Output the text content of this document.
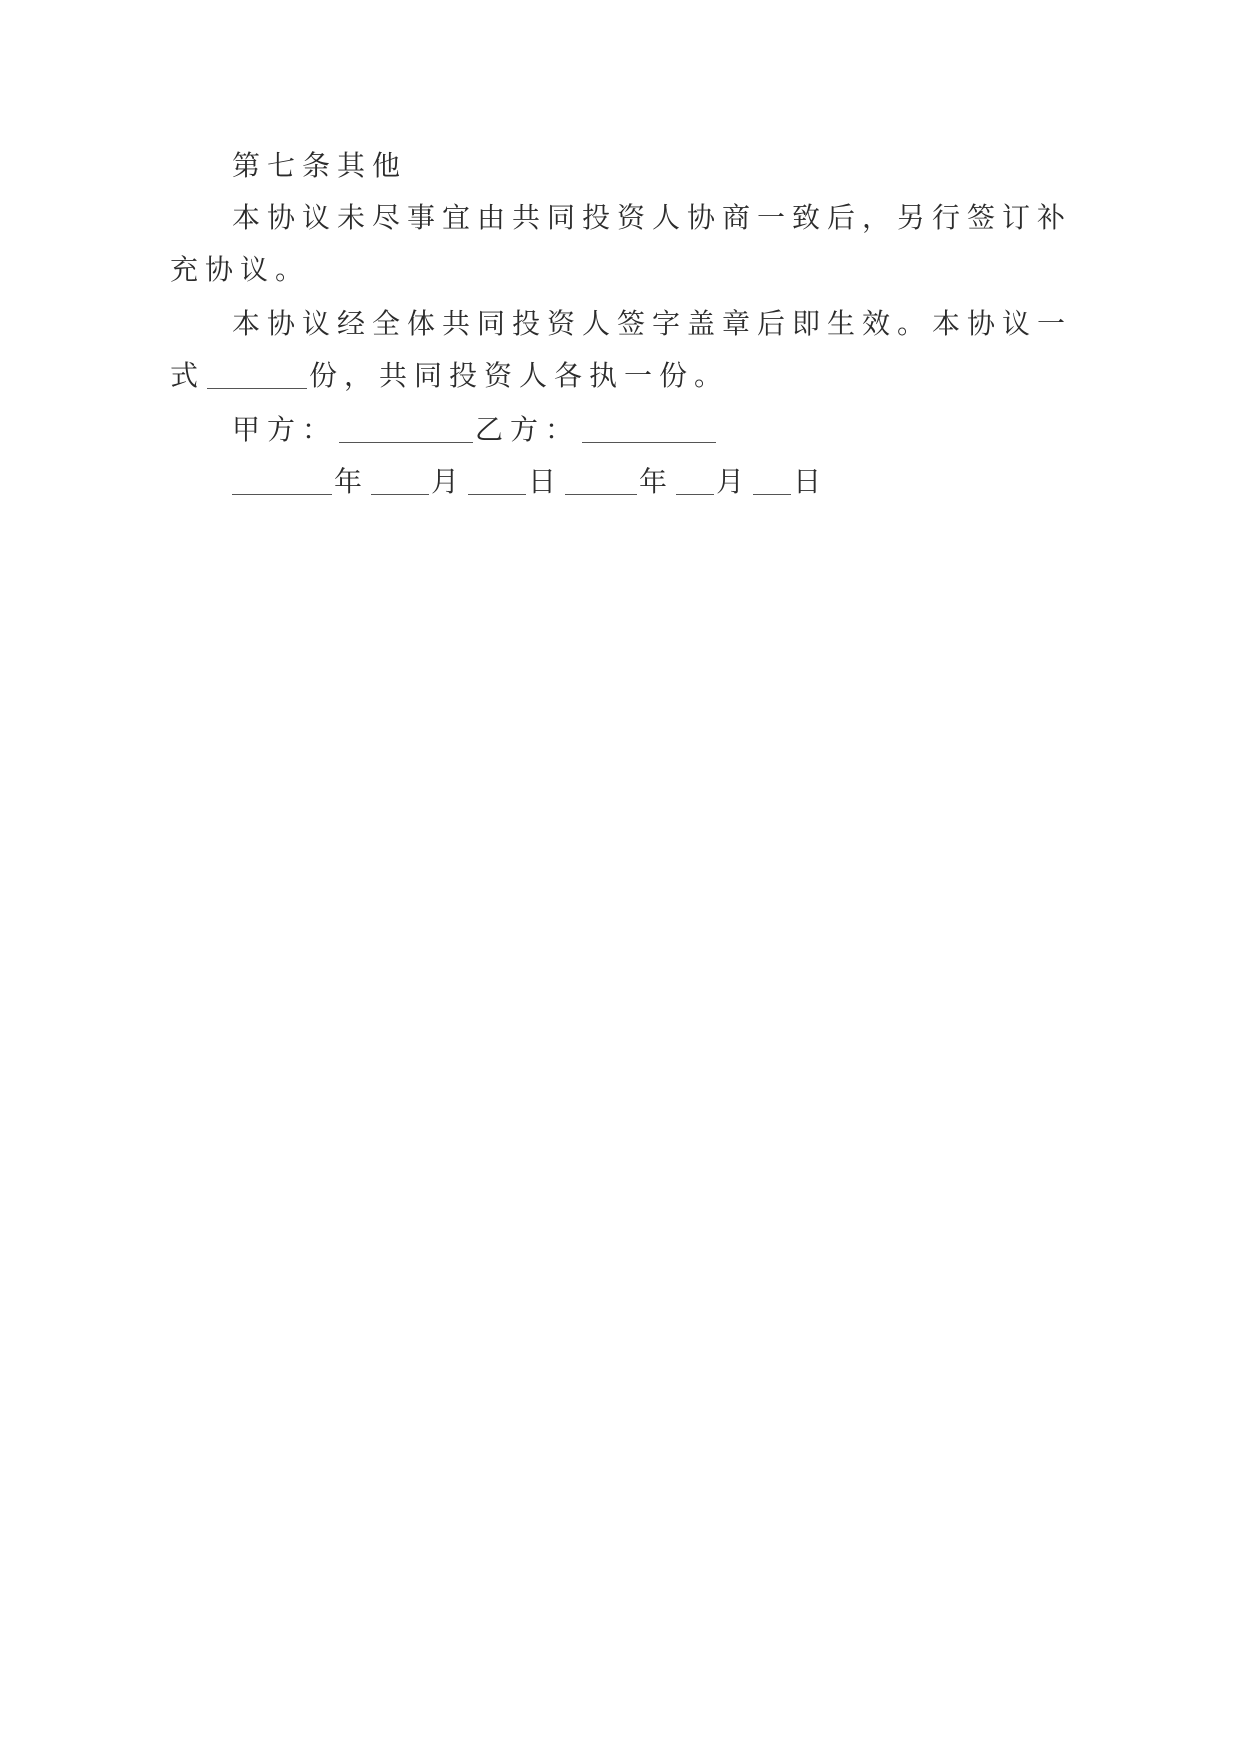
第七条其他
本协议未尽事宜由共同投资人协商一致后，另行签订补
充协议。
本协议经全体共同投资人签字盖章后即生效。本协议一
式	份，共同投资人各执一份。
甲方：	乙方：
年 月 日	年 月 日
